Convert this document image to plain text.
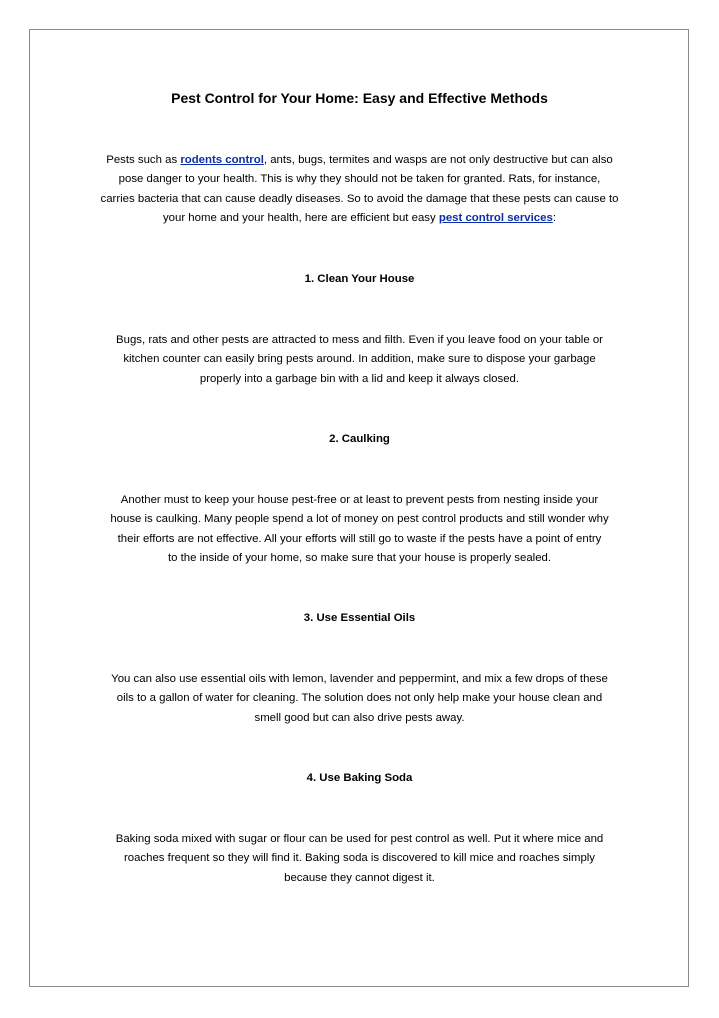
Pest Control for Your Home: Easy and Effective Methods
Pests such as rodents control, ants, bugs, termites and wasps are not only destructive but can also
pose danger to your health. This is why they should not be taken for granted. Rats, for instance,
carries bacteria that can cause deadly diseases. So to avoid the damage that these pests can cause to
your home and your health, here are efficient but easy pest control services:
1. Clean Your House
Bugs, rats and other pests are attracted to mess and filth. Even if you leave food on your table or
kitchen counter can easily bring pests around. In addition, make sure to dispose your garbage
properly into a garbage bin with a lid and keep it always closed.
2. Caulking
Another must to keep your house pest-free or at least to prevent pests from nesting inside your
house is caulking. Many people spend a lot of money on pest control products and still wonder why
their efforts are not effective. All your efforts will still go to waste if the pests have a point of entry
to the inside of your home, so make sure that your house is properly sealed.
3. Use Essential Oils
You can also use essential oils with lemon, lavender and peppermint, and mix a few drops of these
oils to a gallon of water for cleaning. The solution does not only help make your house clean and
smell good but can also drive pests away.
4. Use Baking Soda
Baking soda mixed with sugar or flour can be used for pest control as well. Put it where mice and
roaches frequent so they will find it. Baking soda is discovered to kill mice and roaches simply
because they cannot digest it.
